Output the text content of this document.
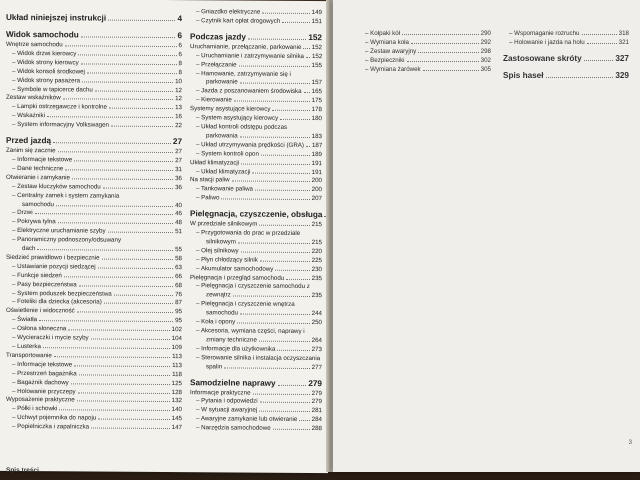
Układ niniejszej instrukcji	4
Widok samochodu	6
Wnętrze samochodu	6
– Widok drzwi kierowcy	6
– Widok strony kierowcy	8
– Widok konsoli środkowej	8
– Widok strony pasażera	10
– Symbole w tapicerce dachu	12
Zestaw wskaźników	12
– Lampki ostrzegawcze i kontrolne	13
– Wskaźniki	16
– System informacyjny Volkswagen	22
Przed jazdą	27
Zanim się zacznie	27
– Informacje tekstowe	27
– Dane techniczne	31
Otwieranie i zamykanie	36
– Zestaw kluczyków samochodu	36
– Centralny zamek i system zamykania
samochodu	40
– Drzwi	46
– Pokrywa tylna	48
– Elektryczne uruchamianie szyby	51
– Panoramiczny podnoszony/odsuwany
dach	55
Siedzieć prawidłowo i bezpiecznie	58
– Ustawianie pozycji siedzącej	63
– Funkcje siedzeń	66
– Pasy bezpieczeństwa	68
– System poduszek bezpieczeństwa	76
– Foteliki dla dziecka (akcesoria)	87
Oświetlenie i widoczność	95
– Światła	95
– Osłona słoneczna	102
– Wycieraczki i mycie szyby	104
– Lusterka	109
Transportowanie	113
– Informacje tekstowe	113
– Przestrzeń bagażnika	118
– Bagażnik dachowy	125
– Holowanie przyczepy	128
Wyposażenie praktyczne	132
– Półki i schowki	140
– Uchwyt pojemnika do napoju	145
– Popielniczka i zapalniczka	147
– Gniazdko elektryczne	149
– Czytnik kart opłat drogowych	151
Podczas jazdy	152
Uruchamianie, przełączanie, parkowanie 152
– Uruchamianie i zatrzymywanie silnika 152
– Przełączanie	155
– Hamowanie, zatrzymywanie się i
parkowanie	157
– Jazda z poszanowaniem środowiska 165
– Kierowanie	175
Systemy asystujące kierowcy	178
– System asystujący kierowcy	180
– Układ kontroli odstępu podczas
parkowania	183
– Układ utrzymywania prędkości (GRA) 187
– System kontroli opon	189
Układ klimatyzacji	191
– Układ klimatyzacji	191
Na stacji paliw	200
– Tankowanie paliwa	200
– Paliwo	207
Pielęgnacja, czyszczenie, obsługa
W przedziale silnikowym	215
– Przygotowania do prac w przedziale
silnikowym	215
– Olej silnikowy	220
– Płyn chłodzący silnik	225
– Akumulator samochodowy	230
Pielęgnacja i przegląd samochodu	235
– Pielęgnacja i czyszczenie samochodu z
zewnątrz	235
– Pielęgnacja i czyszczenie wnętrza
samochodu	244
– Koła i opony	250
– Akcesoria, wymiana części, naprawy i
zmiany techniczne	264
– Informacje dla użytkownika	273
– Sterowanie silnika i instalacja oczyszczania
spalin	277
Samodzielne naprawy	279
Informacje praktyczne	279
– Pytania i odpowiedzi	279
– W sytuacji awaryjnej	281
– Awaryjne zamykanie lub otwieranie 284
– Narzędzia samochodowe	288
Spis treści
– Kołpaki kół	290
– Wymiana koła	292
– Zestaw awaryjny	298
– Bezpieczniki	302
– Wymiana żarówek	305
– Wspomaganie rozruchu	318
– Holowanie i jazda na holu	321
Zastosowane skróty	327
Spis haseł	329
3
